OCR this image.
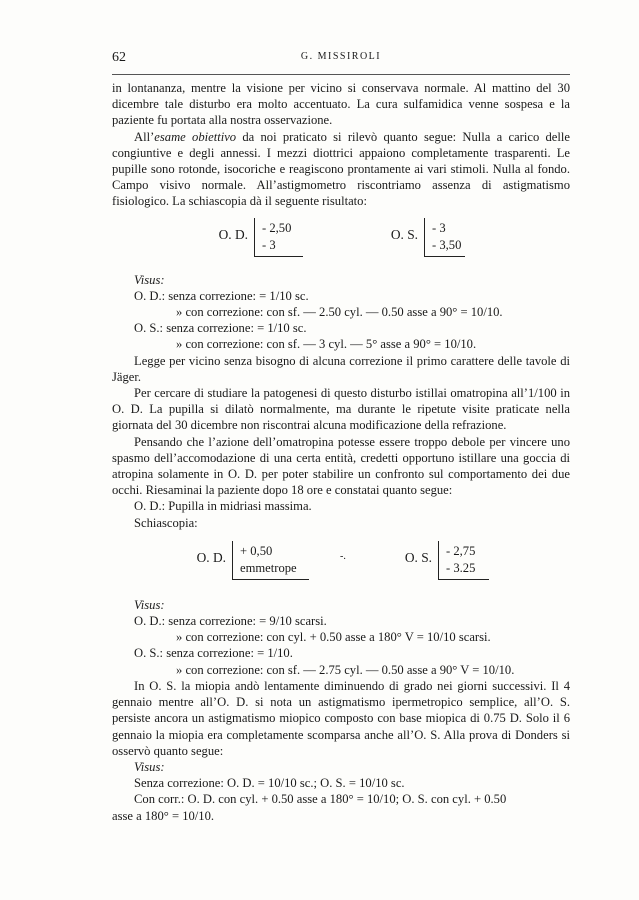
62	G. MISSIROLI

in lontananza, mentre la visione per vicino si conservava normale. Al mattino del 30 dicembre tale disturbo era molto accentuato. La cura sulfamidica venne sospesa e la paziente fu portata alla nostra osservazione.

All’esame obiettivo da noi praticato si rilevò quanto segue: Nulla a carico delle congiuntive e degli annessi. I mezzi diottrici appaiono completamente trasparenti. Le pupille sono rotonde, isocoriche e reagiscono prontamente ai vari stimoli. Nulla al fondo. Campo visivo normale. All’astigmometro riscontriamo assenza di astigmatismo fisiologico. La schiascopia dà il seguente risultato:

O. D. - 2,50
- 3
O. S. - 3
- 3,50

Visus:

O. D.: senza correzione: = 1/10 sc.

» con correzione: con sf. — 2.50 cyl. — 0.50 asse a 90° = 10/10.

O. S.: senza correzione: = 1/10 sc.

» con correzione: con sf. — 3 cyl. — 5° asse a 90° = 10/10.

Legge per vicino senza bisogno di alcuna correzione il primo carattere delle tavole di Jäger.

Per cercare di studiare la patogenesi di questo disturbo istillai omatropina all’1/100 in O. D. La pupilla si dilatò normalmente, ma durante le ripetute visite praticate nella giornata del 30 dicembre non riscontrai alcuna modificazione della refrazione.

Pensando che l’azione dell’omatropina potesse essere troppo debole per vincere uno spasmo dell’accomodazione di una certa entità, credetti opportuno istillare una goccia di atropina solamente in O. D. per poter stabilire un confronto sul comportamento dei due occhi. Riesaminai la paziente dopo 18 ore e constatai quanto segue:

O. D.: Pupilla in midriasi massima.

Schiascopia:

O. D. + 0,50
emmetrope
-.	O. S. - 2,75
- 3.25

Visus:

O. D.: senza correzione: = 9/10 scarsi.

» con correzione: con cyl. + 0.50 asse a 180° V = 10/10 scarsi.

O. S.: senza correzione: = 1/10.

» con correzione: con sf. — 2.75 cyl. — 0.50 asse a 90° V = 10/10.

In O. S. la miopia andò lentamente diminuendo di grado nei giorni successivi. Il 4 gennaio mentre all’O. D. si nota un astigmatismo ipermetropico semplice, all’O. S. persiste ancora un astigmatismo miopico composto con base miopica di 0.75 D. Solo il 6 gennaio la miopia era completamente scomparsa anche all’O. S. Alla prova di Donders si osservò quanto segue:

Visus:

Senza correzione: O. D. = 10/10 sc.; O. S. = 10/10 sc.

Con corr.: O. D. con cyl. + 0.50 asse a 180° = 10/10; O. S. con cyl. + 0.50

asse a 180° = 10/10.
